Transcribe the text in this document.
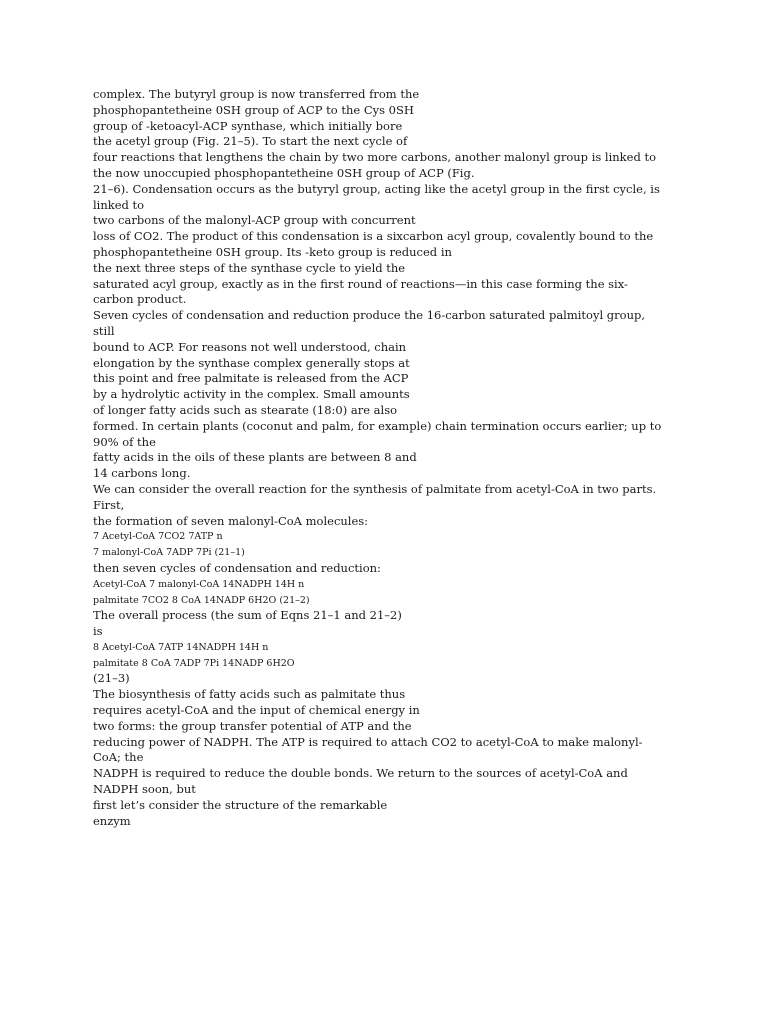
complex. The butyryl group is now transferred from the
phosphopantetheine 0SH group of ACP to the Cys 0SH
group of -ketoacyl-ACP synthase, which initially bore
the acetyl group (Fig. 21–5). To start the next cycle of
four reactions that lengthens the chain by two more carbons, another malonyl group is linked to
the now unoccupied phosphopantetheine 0SH group of ACP (Fig.
21–6). Condensation occurs as the butyryl group, acting like the acetyl group in the first cycle, is
linked to
two carbons of the malonyl-ACP group with concurrent
loss of CO2. The product of this condensation is a sixcarbon acyl group, covalently bound to the
phosphopantetheine 0SH group. Its -keto group is reduced in
the next three steps of the synthase cycle to yield the
saturated acyl group, exactly as in the first round of reactions—in this case forming the six-
carbon product.
Seven cycles of condensation and reduction produce the 16-carbon saturated palmitoyl group,
still
bound to ACP. For reasons not well understood, chain
elongation by the synthase complex generally stops at
this point and free palmitate is released from the ACP
by a hydrolytic activity in the complex. Small amounts
of longer fatty acids such as stearate (18:0) are also
formed. In certain plants (coconut and palm, for example) chain termination occurs earlier; up to
90% of the
fatty acids in the oils of these plants are between 8 and
14 carbons long.
We can consider the overall reaction for the synthesis of palmitate from acetyl-CoA in two parts.
First,
the formation of seven malonyl-CoA molecules:
7 Acetyl-CoA 7CO2 7ATP n
7 malonyl-CoA 7ADP 7Pi (21–1)
then seven cycles of condensation and reduction:
Acetyl-CoA 7 malonyl-CoA 14NADPH 14H n
palmitate 7CO2 8 CoA 14NADP 6H2O (21–2)
The overall process (the sum of Eqns 21–1 and 21–2)
is
8 Acetyl-CoA 7ATP 14NADPH 14H n
palmitate 8 CoA 7ADP 7Pi 14NADP 6H2O
(21–3)
The biosynthesis of fatty acids such as palmitate thus
requires acetyl-CoA and the input of chemical energy in
two forms: the group transfer potential of ATP and the
reducing power of NADPH. The ATP is required to attach CO2 to acetyl-CoA to make malonyl-
CoA; the
NADPH is required to reduce the double bonds. We return to the sources of acetyl-CoA and
NADPH soon, but
first let’s consider the structure of the remarkable
enzym
